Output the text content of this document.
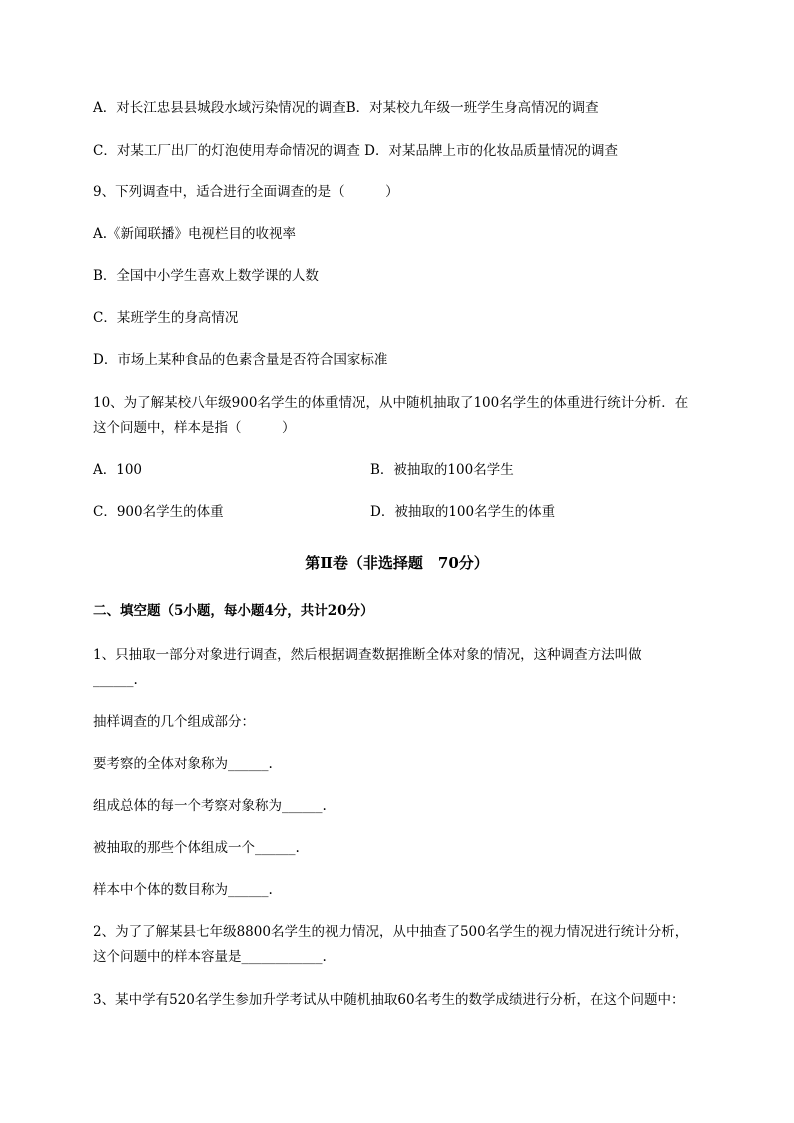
A．对长江忠县县城段水域污染情况的调查B．对某校九年级一班学生身高情况的调查
C．对某工厂出厂的灯泡使用寿命情况的调查 D．对某品牌上市的化妆品质量情况的调查
9、下列调查中，适合进行全面调查的是（　　　）
A.《新闻联播》电视栏目的收视率
B．全国中小学生喜欢上数学课的人数
C．某班学生的身高情况
D．市场上某种食品的色素含量是否符合国家标准
10、为了解某校八年级900名学生的体重情况，从中随机抽取了100名学生的体重进行统计分析．在
这个问题中，样本是指（　　　）
A．100	B．被抽取的100名学生
C．900名学生的体重	D．被抽取的100名学生的体重
第Ⅱ卷（非选择题　70分）
二、填空题（5小题，每小题4分，共计20分）
1、只抽取一部分对象进行调查，然后根据调查数据推断全体对象的情况，这种调查方法叫做
______.
抽样调查的几个组成部分：
要考察的全体对象称为______.
组成总体的每一个考察对象称为______.
被抽取的那些个体组成一个______.
样本中个体的数目称为______.
2、为了了解某县七年级8800名学生的视力情况，从中抽查了500名学生的视力情况进行统计分析，
这个问题中的样本容量是____________.
3、某中学有520名学生参加升学考试从中随机抽取60名考生的数学成绩进行分析，在这个问题中：
